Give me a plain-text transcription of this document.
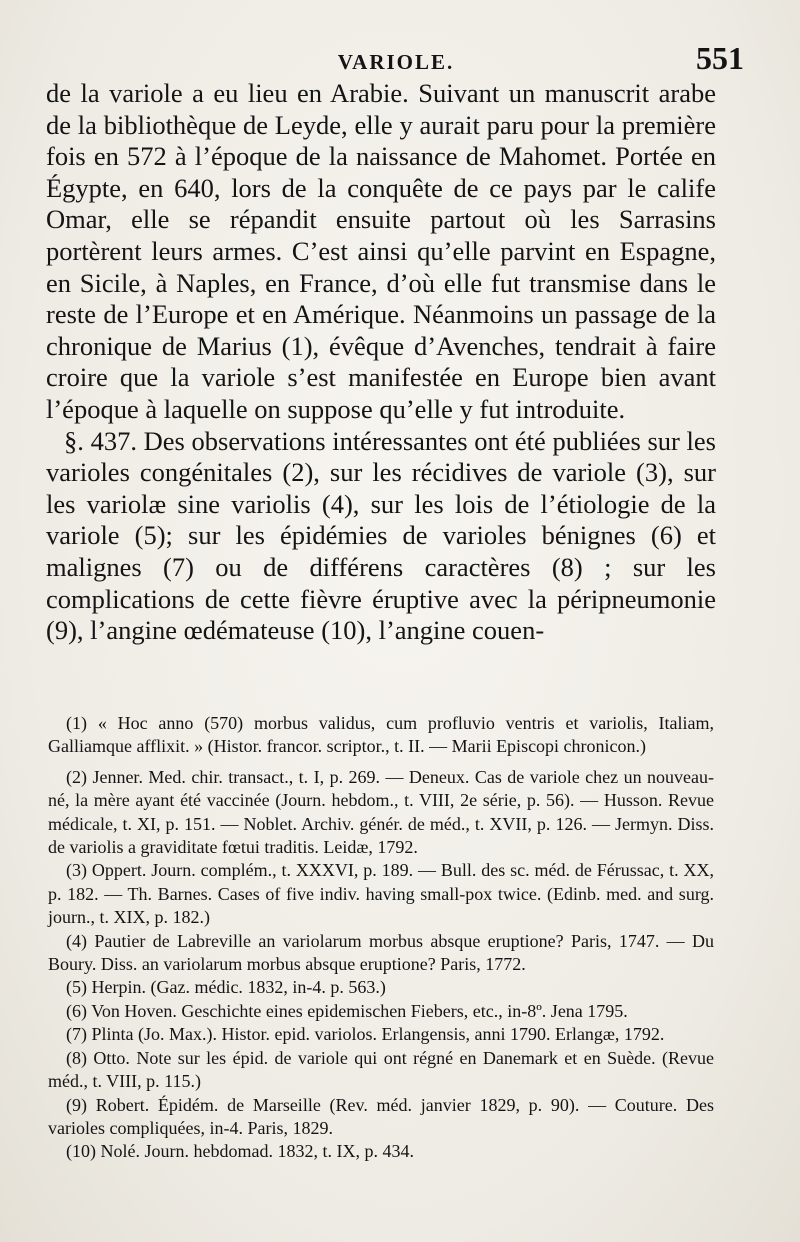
VARIOLE.	551

de la variole a eu lieu en Arabie. Suivant un manuscrit arabe de la bibliothèque de Leyde, elle y aurait paru pour la première fois en 572 à l’époque de la naissance de Mahomet. Portée en Égypte, en 640, lors de la conquête de ce pays par le calife Omar, elle se répandit ensuite partout où les Sarrasins portèrent leurs armes. C’est ainsi qu’elle parvint en Espagne, en Sicile, à Naples, en France, d’où elle fut transmise dans le reste de l’Europe et en Amérique. Néanmoins un passage de la chronique de Marius (1), évêque d’Avenches, tendrait à faire croire que la variole s’est manifestée en Europe bien avant l’époque à laquelle on suppose qu’elle y fut introduite.

§. 437. Des observations intéressantes ont été publiées sur les varioles congénitales (2), sur les récidives de variole (3), sur les variolæ sine variolis (4), sur les lois de l’étiologie de la variole (5); sur les épidémies de varioles bénignes (6) et malignes (7) ou de différens caractères (8) ; sur les complications de cette fièvre éruptive avec la péripneumonie (9), l’angine œdémateuse (10), l’angine couen-

(1) « Hoc anno (570) morbus validus, cum profluvio ventris et variolis, Italiam, Galliamque afflixit. » (Histor. francor. scriptor., t. II. — Marii Episcopi chronicon.)

(2) Jenner. Med. chir. transact., t. I, p. 269. — Deneux. Cas de variole chez un nouveau-né, la mère ayant été vaccinée (Journ. hebdom., t. VIII, 2e série, p. 56). — Husson. Revue médicale, t. XI, p. 151. — Noblet. Archiv. génér. de méd., t. XVII, p. 126. — Jermyn. Diss. de variolis a graviditate fœtui traditis. Leidæ, 1792.

(3) Oppert. Journ. complém., t. XXXVI, p. 189. — Bull. des sc. méd. de Férussac, t. XX, p. 182. — Th. Barnes. Cases of five indiv. having small-pox twice. (Edinb. med. and surg. journ., t. XIX, p. 182.)

(4) Pautier de Labreville an variolarum morbus absque eruptione? Paris, 1747. — Du Boury. Diss. an variolarum morbus absque eruptione? Paris, 1772.

(5) Herpin. (Gaz. médic. 1832, in-4. p. 563.)

(6) Von Hoven. Geschichte eines epidemischen Fiebers, etc., in-8º. Jena 1795.

(7) Plinta (Jo. Max.). Histor. epid. variolos. Erlangensis, anni 1790. Erlangæ, 1792.

(8) Otto. Note sur les épid. de variole qui ont régné en Danemark et en Suède. (Revue méd., t. VIII, p. 115.)

(9) Robert. Épidém. de Marseille (Rev. méd. janvier 1829, p. 90). — Couture. Des varioles compliquées, in-4. Paris, 1829.

(10) Nolé. Journ. hebdomad. 1832, t. IX, p. 434.
